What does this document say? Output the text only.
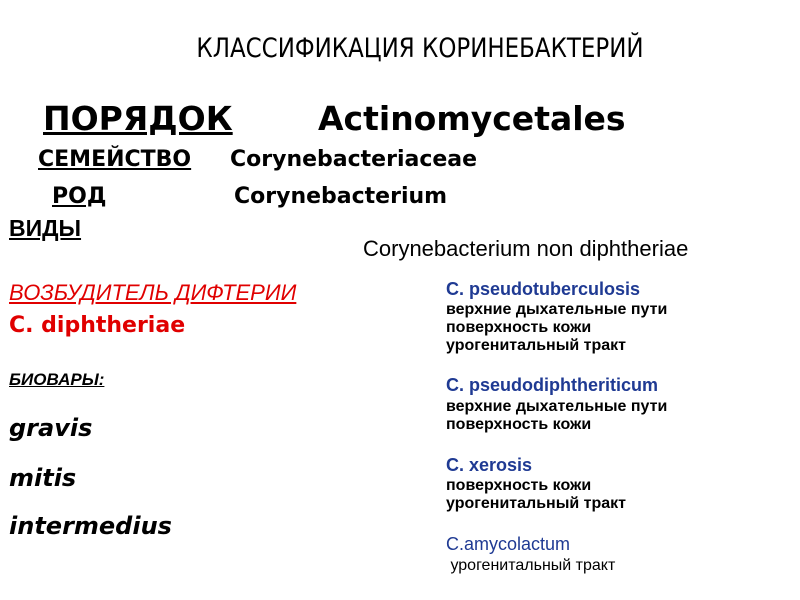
КЛАССИФИКАЦИЯ КОРИНЕБАКТЕРИЙ
ПОРЯДОК	Actinomycetales
СЕМЕЙСТВО Corynebacteriaceae
РОД	Corynebacterium
ВИДЫ
ВОЗБУДИТЕЛЬ ДИФТЕРИИ
C. diphtheriae
БИОВАРЫ:
gravis
mitis
intermedius
Corynebacterium non diphtheriae
C. pseudotuberculosis
верхние дыхательные пути
поверхность кожи
урогенитальный тракт
C. pseudodiphtheriticum
верхние дыхательные пути
поверхность кожи
C. xerosis
поверхность кожи
урогенитальный тракт
C.amycolactum
урогенитальный тракт
